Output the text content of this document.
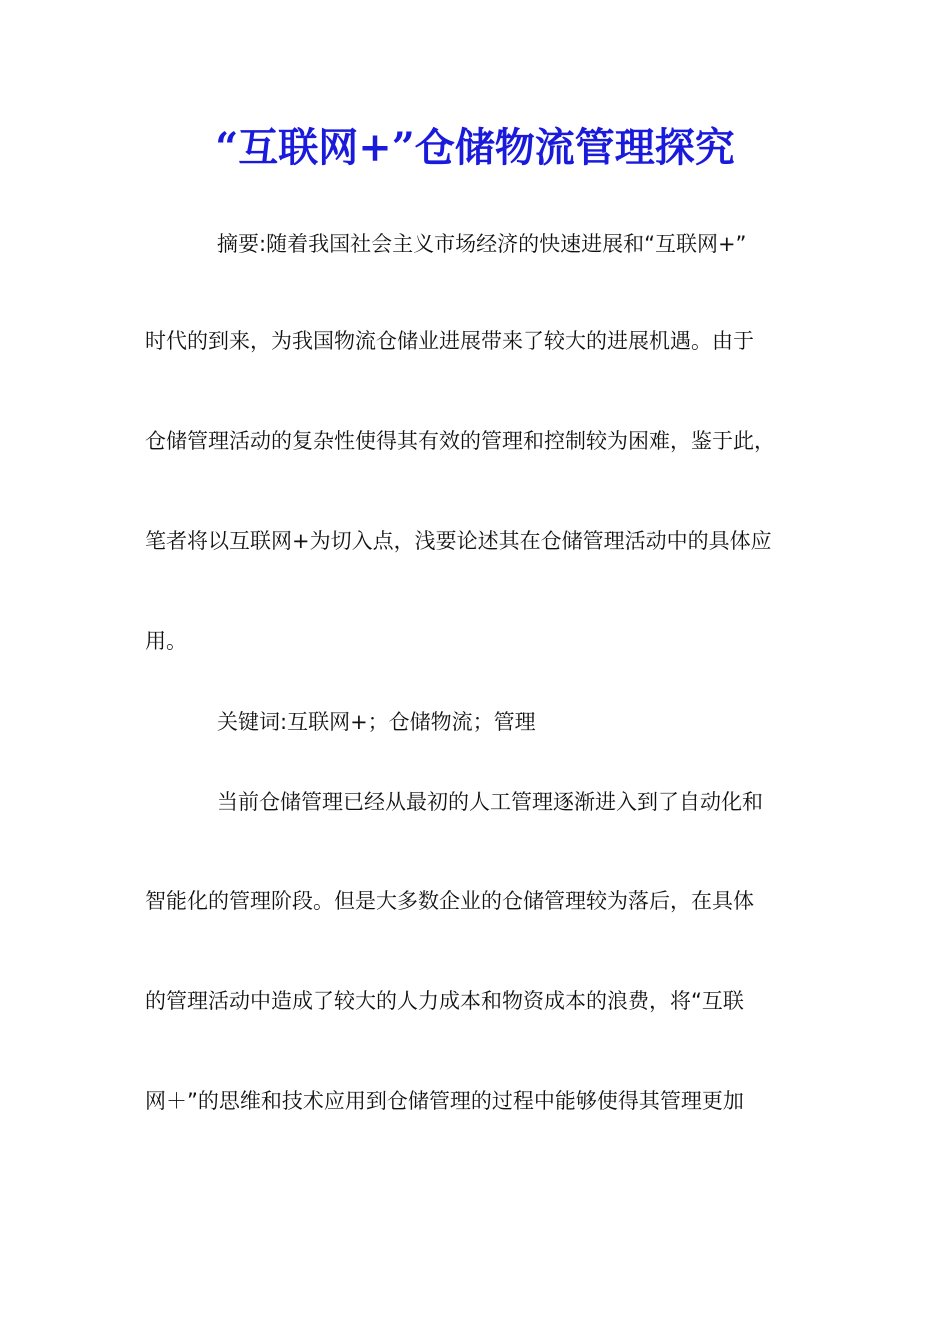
“互联网+”仓储物流管理探究
摘要:随着我国社会主义市场经济的快速进展和“互联网+”
时代的到来，为我国物流仓储业进展带来了较大的进展机遇。由于
仓储管理活动的复杂性使得其有效的管理和控制较为困难，鉴于此，
笔者将以互联网+为切入点，浅要论述其在仓储管理活动中的具体应
用。
关键词:互联网+；仓储物流；管理
当前仓储管理已经从最初的人工管理逐渐进入到了自动化和
智能化的管理阶段。但是大多数企业的仓储管理较为落后，在具体
的管理活动中造成了较大的人力成本和物资成本的浪费，将“互联
网＋”的思维和技术应用到仓储管理的过程中能够使得其管理更加
